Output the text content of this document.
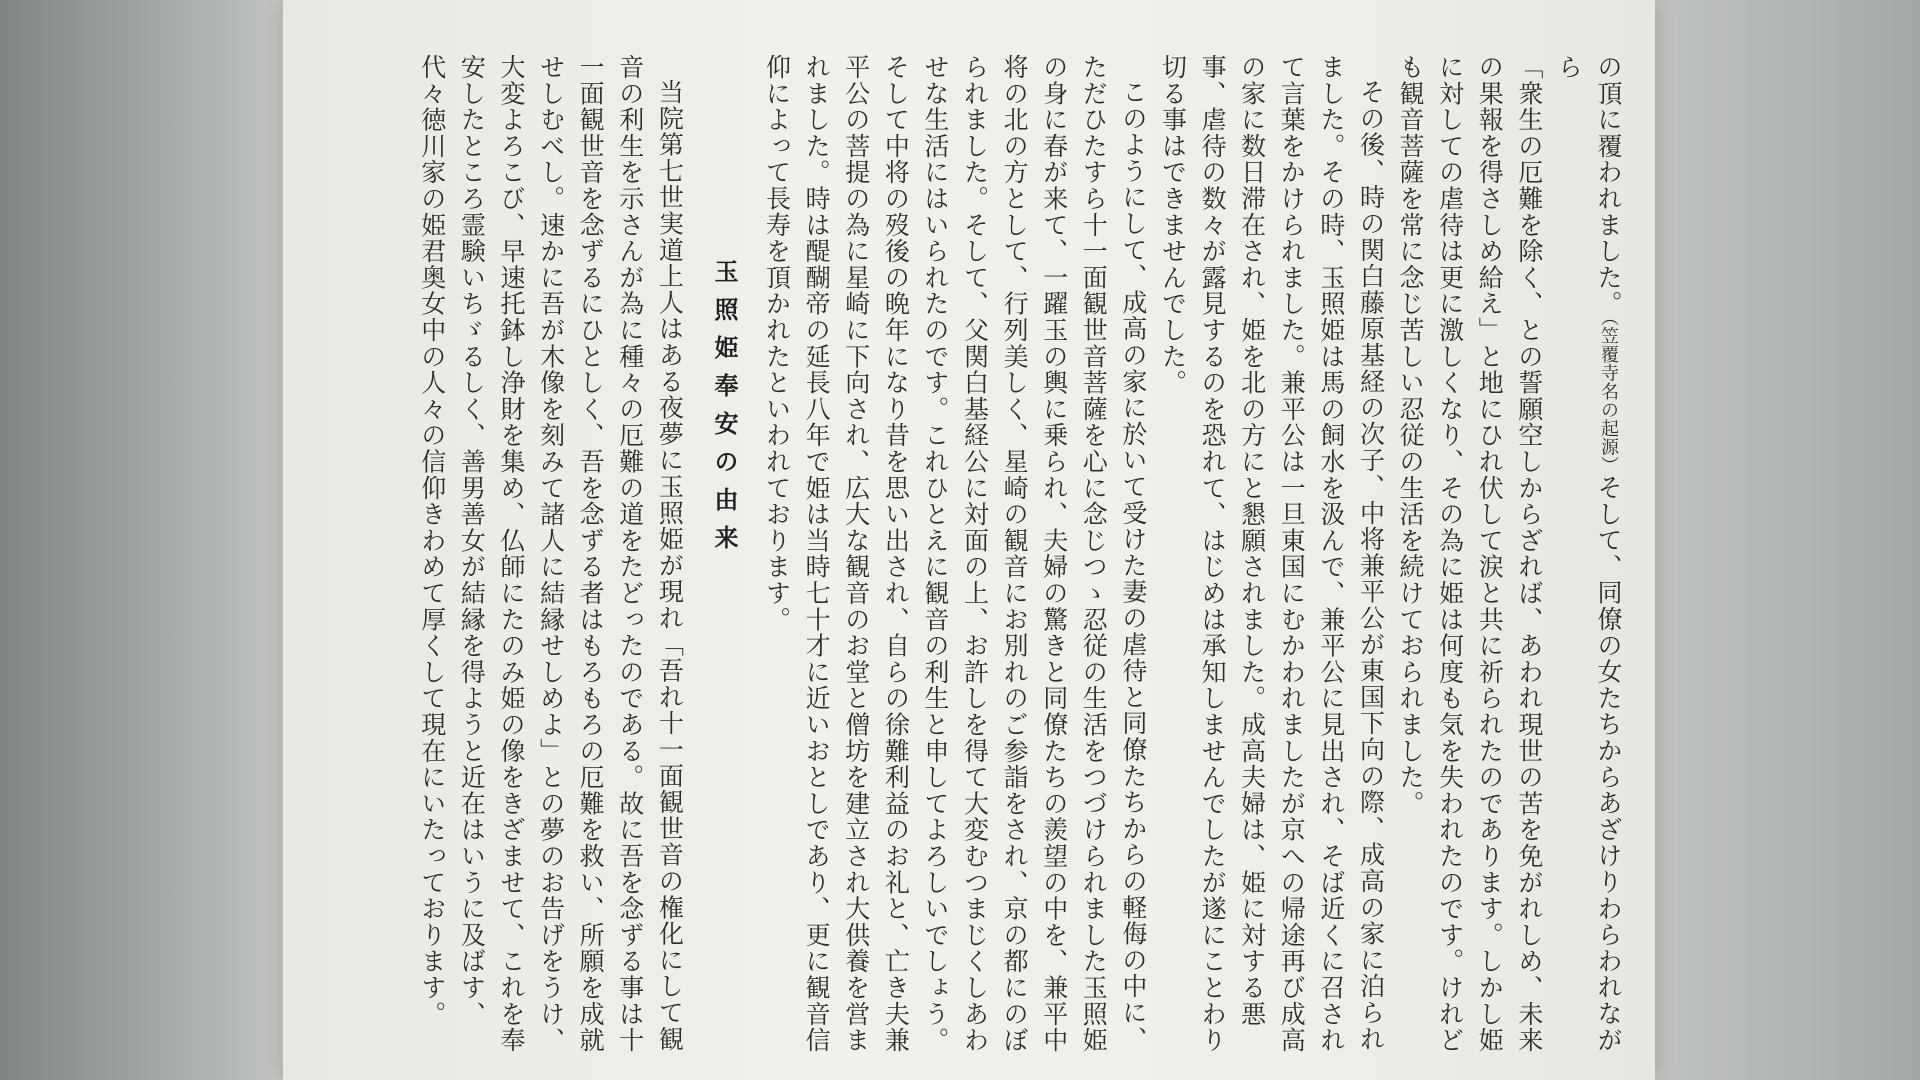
の頂に覆われました。（笠覆寺名の起源）そして、同僚の女たちからあざけりわらわれながら

「衆生の厄難を除く、との誓願空しからざれば、あわれ現世の苦を免がれしめ、未来の果報を得さしめ給え」と地にひれ伏して涙と共に祈られたのであります。しかし姫に対しての虐待は更に激しくなり、その為に姫は何度も気を失われたのです。けれども観音菩薩を常に念じ苦しい忍従の生活を続けておられました。

その後、時の関白藤原基経の次子、中将兼平公が東国下向の際、成高の家に泊られました。その時、玉照姫は馬の飼水を汲んで、兼平公に見出され、そば近くに召されて言葉をかけられました。兼平公は一旦東国にむかわれましたが京への帰途再び成高の家に数日滞在され、姫を北の方にと懇願されました。成高夫婦は、姫に対する悪事、虐待の数々が露見するのを恐れて、はじめは承知しませんでしたが遂にことわり切る事はできませんでした。

このようにして、成高の家に於いて受けた妻の虐待と同僚たちからの軽侮の中に、ただひたすら十一面観世音菩薩を心に念じつゝ忍従の生活をつづけられました玉照姫の身に春が来て、一躍玉の輿に乗られ、夫婦の驚きと同僚たちの羨望の中を、兼平中将の北の方として、行列美しく、星崎の観音にお別れのご参詣をされ、京の都にのぼられました。そして、父関白基経公に対面の上、お許しを得て大変むつまじくしあわせな生活にはいられたのです。これひとえに観音の利生と申してよろしいでしょう。そして中将の歿後の晩年になり昔を思い出され、自らの徐難利益のお礼と、亡き夫兼平公の菩提の為に星崎に下向され、広大な観音のお堂と僧坊を建立され大供養を営まれました。時は醍醐帝の延長八年で姫は当時七十才に近いおとしであり、更に観音信仰によって長寿を頂かれたといわれております。

玉照姫奉安の由来

当院第七世実道上人はある夜夢に玉照姫が現れ「吾れ十一面観世音の権化にして観音の利生を示さんが為に種々の厄難の道をたどったのである。故に吾を念ずる事は十一面観世音を念ずるにひとしく、吾を念ずる者はもろもろの厄難を救い、所願を成就せしむべし。速かに吾が木像を刻みて諸人に結縁せしめよ」との夢のお告げをうけ、大変よろこび、早速托鉢し浄財を集め、仏師にたのみ姫の像をきざませて、これを奉安したところ霊験いちゞるしく、善男善女が結縁を得ようと近在はいうに及ばす、代々徳川家の姫君奥女中の人々の信仰きわめて厚くして現在にいたっております。
